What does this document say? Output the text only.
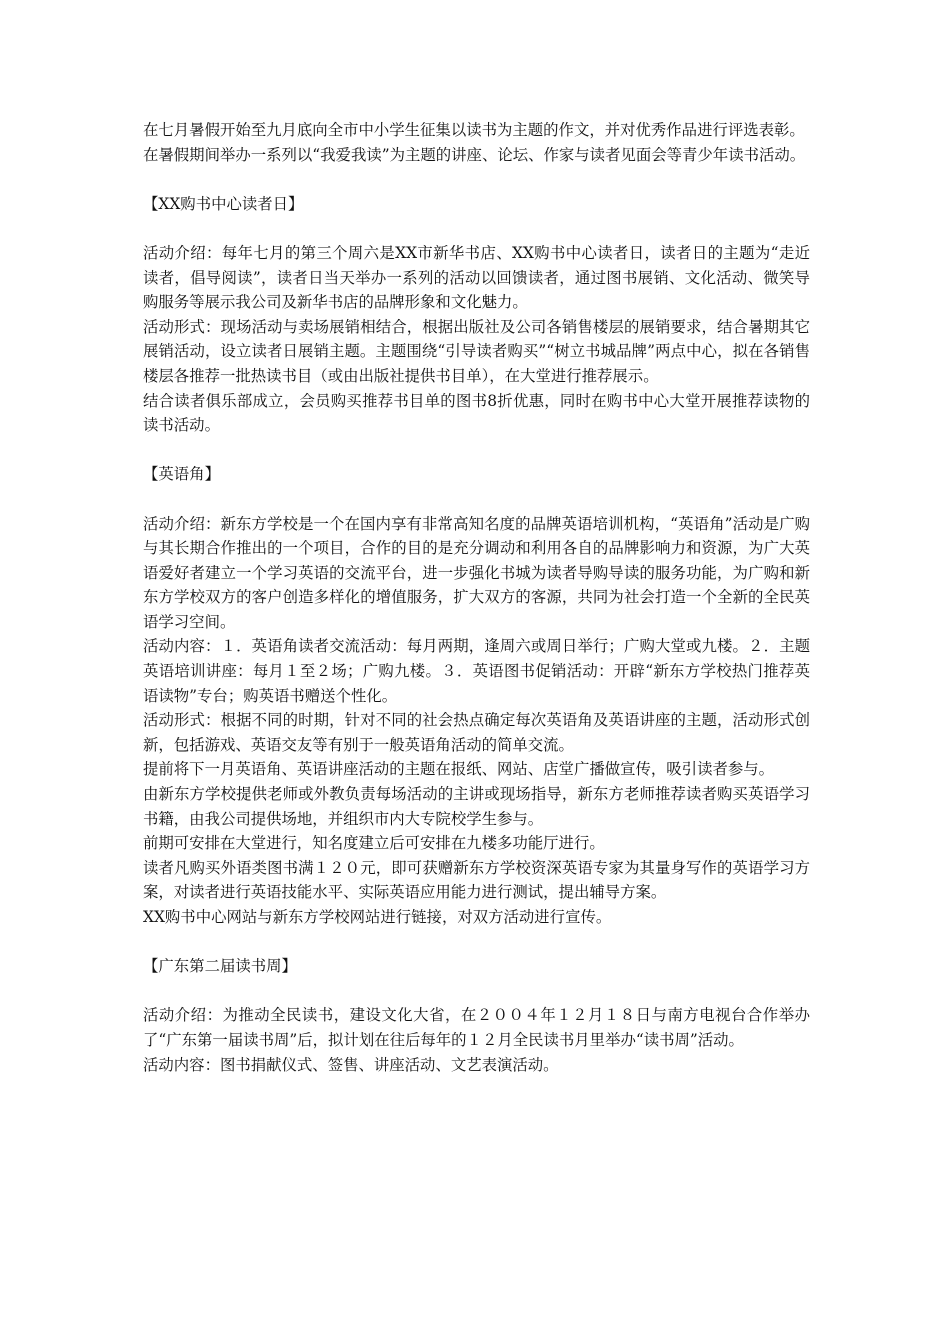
在七月暑假开始至九月底向全市中小学生征集以读书为主题的作文，并对优秀作品进行评选表彰。

在暑假期间举办一系列以“我爱我读”为主题的讲座、论坛、作家与读者见面会等青少年读书活动。

【XX购书中心读者日】

活动介绍：每年七月的第三个周六是XX市新华书店、XX购书中心读者日，读者日的主题为“走近读者，倡导阅读”，读者日当天举办一系列的活动以回馈读者，通过图书展销、文化活动、微笑导购服务等展示我公司及新华书店的品牌形象和文化魅力。

活动形式：现场活动与卖场展销相结合，根据出版社及公司各销售楼层的展销要求，结合暑期其它展销活动，设立读者日展销主题。主题围绕“引导读者购买”“树立书城品牌”两点中心，拟在各销售楼层各推荐一批热读书目（或由出版社提供书目单），在大堂进行推荐展示。

结合读者俱乐部成立，会员购买推荐书目单的图书8折优惠，同时在购书中心大堂开展推荐读物的读书活动。

【英语角】

活动介绍：新东方学校是一个在国内享有非常高知名度的品牌英语培训机构，“英语角”活动是广购与其长期合作推出的一个项目，合作的目的是充分调动和利用各自的品牌影响力和资源，为广大英语爱好者建立一个学习英语的交流平台，进一步强化书城为读者导购导读的服务功能，为广购和新东方学校双方的客户创造多样化的增值服务，扩大双方的客源，共同为社会打造一个全新的全民英语学习空间。

活动内容：１．英语角读者交流活动：每月两期，逢周六或周日举行；广购大堂或九楼。２．主题英语培训讲座：每月１至２场；广购九楼。３．英语图书促销活动：开辟“新东方学校热门推荐英语读物”专台；购英语书赠送个性化。

活动形式：根据不同的时期，针对不同的社会热点确定每次英语角及英语讲座的主题，活动形式创新，包括游戏、英语交友等有别于一般英语角活动的简单交流。

提前将下一月英语角、英语讲座活动的主题在报纸、网站、店堂广播做宣传，吸引读者参与。

由新东方学校提供老师或外教负责每场活动的主讲或现场指导，新东方老师推荐读者购买英语学习书籍，由我公司提供场地，并组织市内大专院校学生参与。

前期可安排在大堂进行，知名度建立后可安排在九楼多功能厅进行。

读者凡购买外语类图书满１２０元，即可获赠新东方学校资深英语专家为其量身写作的英语学习方案，对读者进行英语技能水平、实际英语应用能力进行测试，提出辅导方案。

XX购书中心网站与新东方学校网站进行链接，对双方活动进行宣传。

【广东第二届读书周】

活动介绍：为推动全民读书，建设文化大省，在２００４年１２月１８日与南方电视台合作举办了“广东第一届读书周”后，拟计划在往后每年的１２月全民读书月里举办“读书周”活动。

活动内容：图书捐献仪式、签售、讲座活动、文艺表演活动。
